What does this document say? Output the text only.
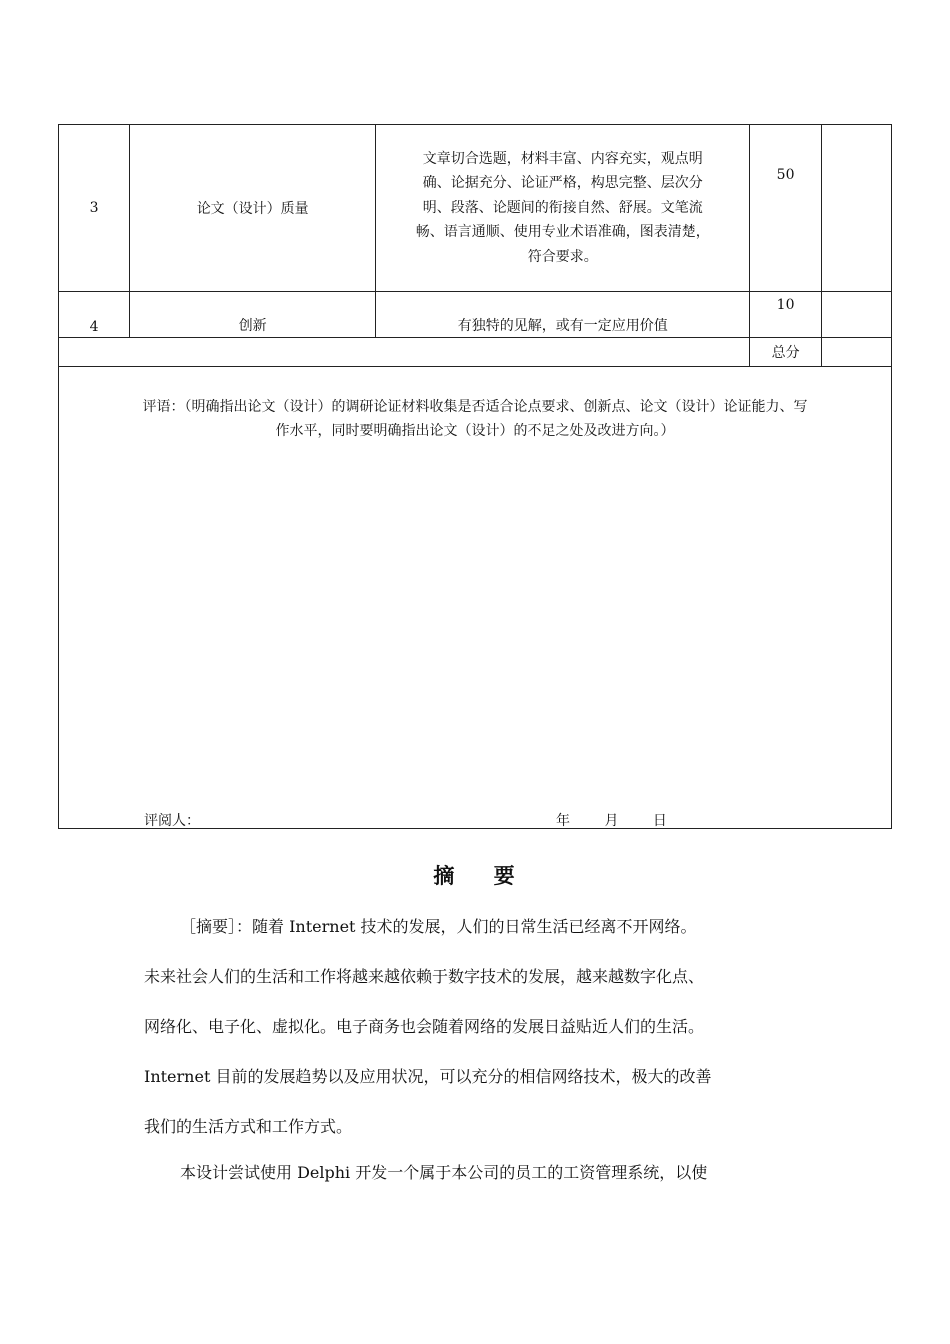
3	论文（设计）质量	文章切合选题，材料丰富、内容充实，观点明
确、论据充分、论证严格，构思完整、层次分
明、段落、论题间的衔接自然、舒展。文笔流
畅、语言通顺、使用专业术语准确，图表清楚，
符合要求。	50	
4	创新	有独特的见解，或有一定应用价值	10	
			总分	

评语：（明确指出论文（设计）的调研论证材料收集是否适合论点要求、创新点、论文（设计）论证能力、写
作水平，同时要明确指出论文（设计）的不足之处及改进方向。）				
评阅人：	年 月 日
摘 要

［摘要］：随着 Internet 技术的发展，人们的日常生活已经离不开网络。
未来社会人们的生活和工作将越来越依赖于数字技术的发展，越来越数字化点、
网络化、电子化、虚拟化。电子商务也会随着网络的发展日益贴近人们的生活。
Internet 目前的发展趋势以及应用状况，可以充分的相信网络技术，极大的改善
我们的生活方式和工作方式。

本设计尝试使用 Delphi 开发一个属于本公司的员工的工资管理系统，以使
